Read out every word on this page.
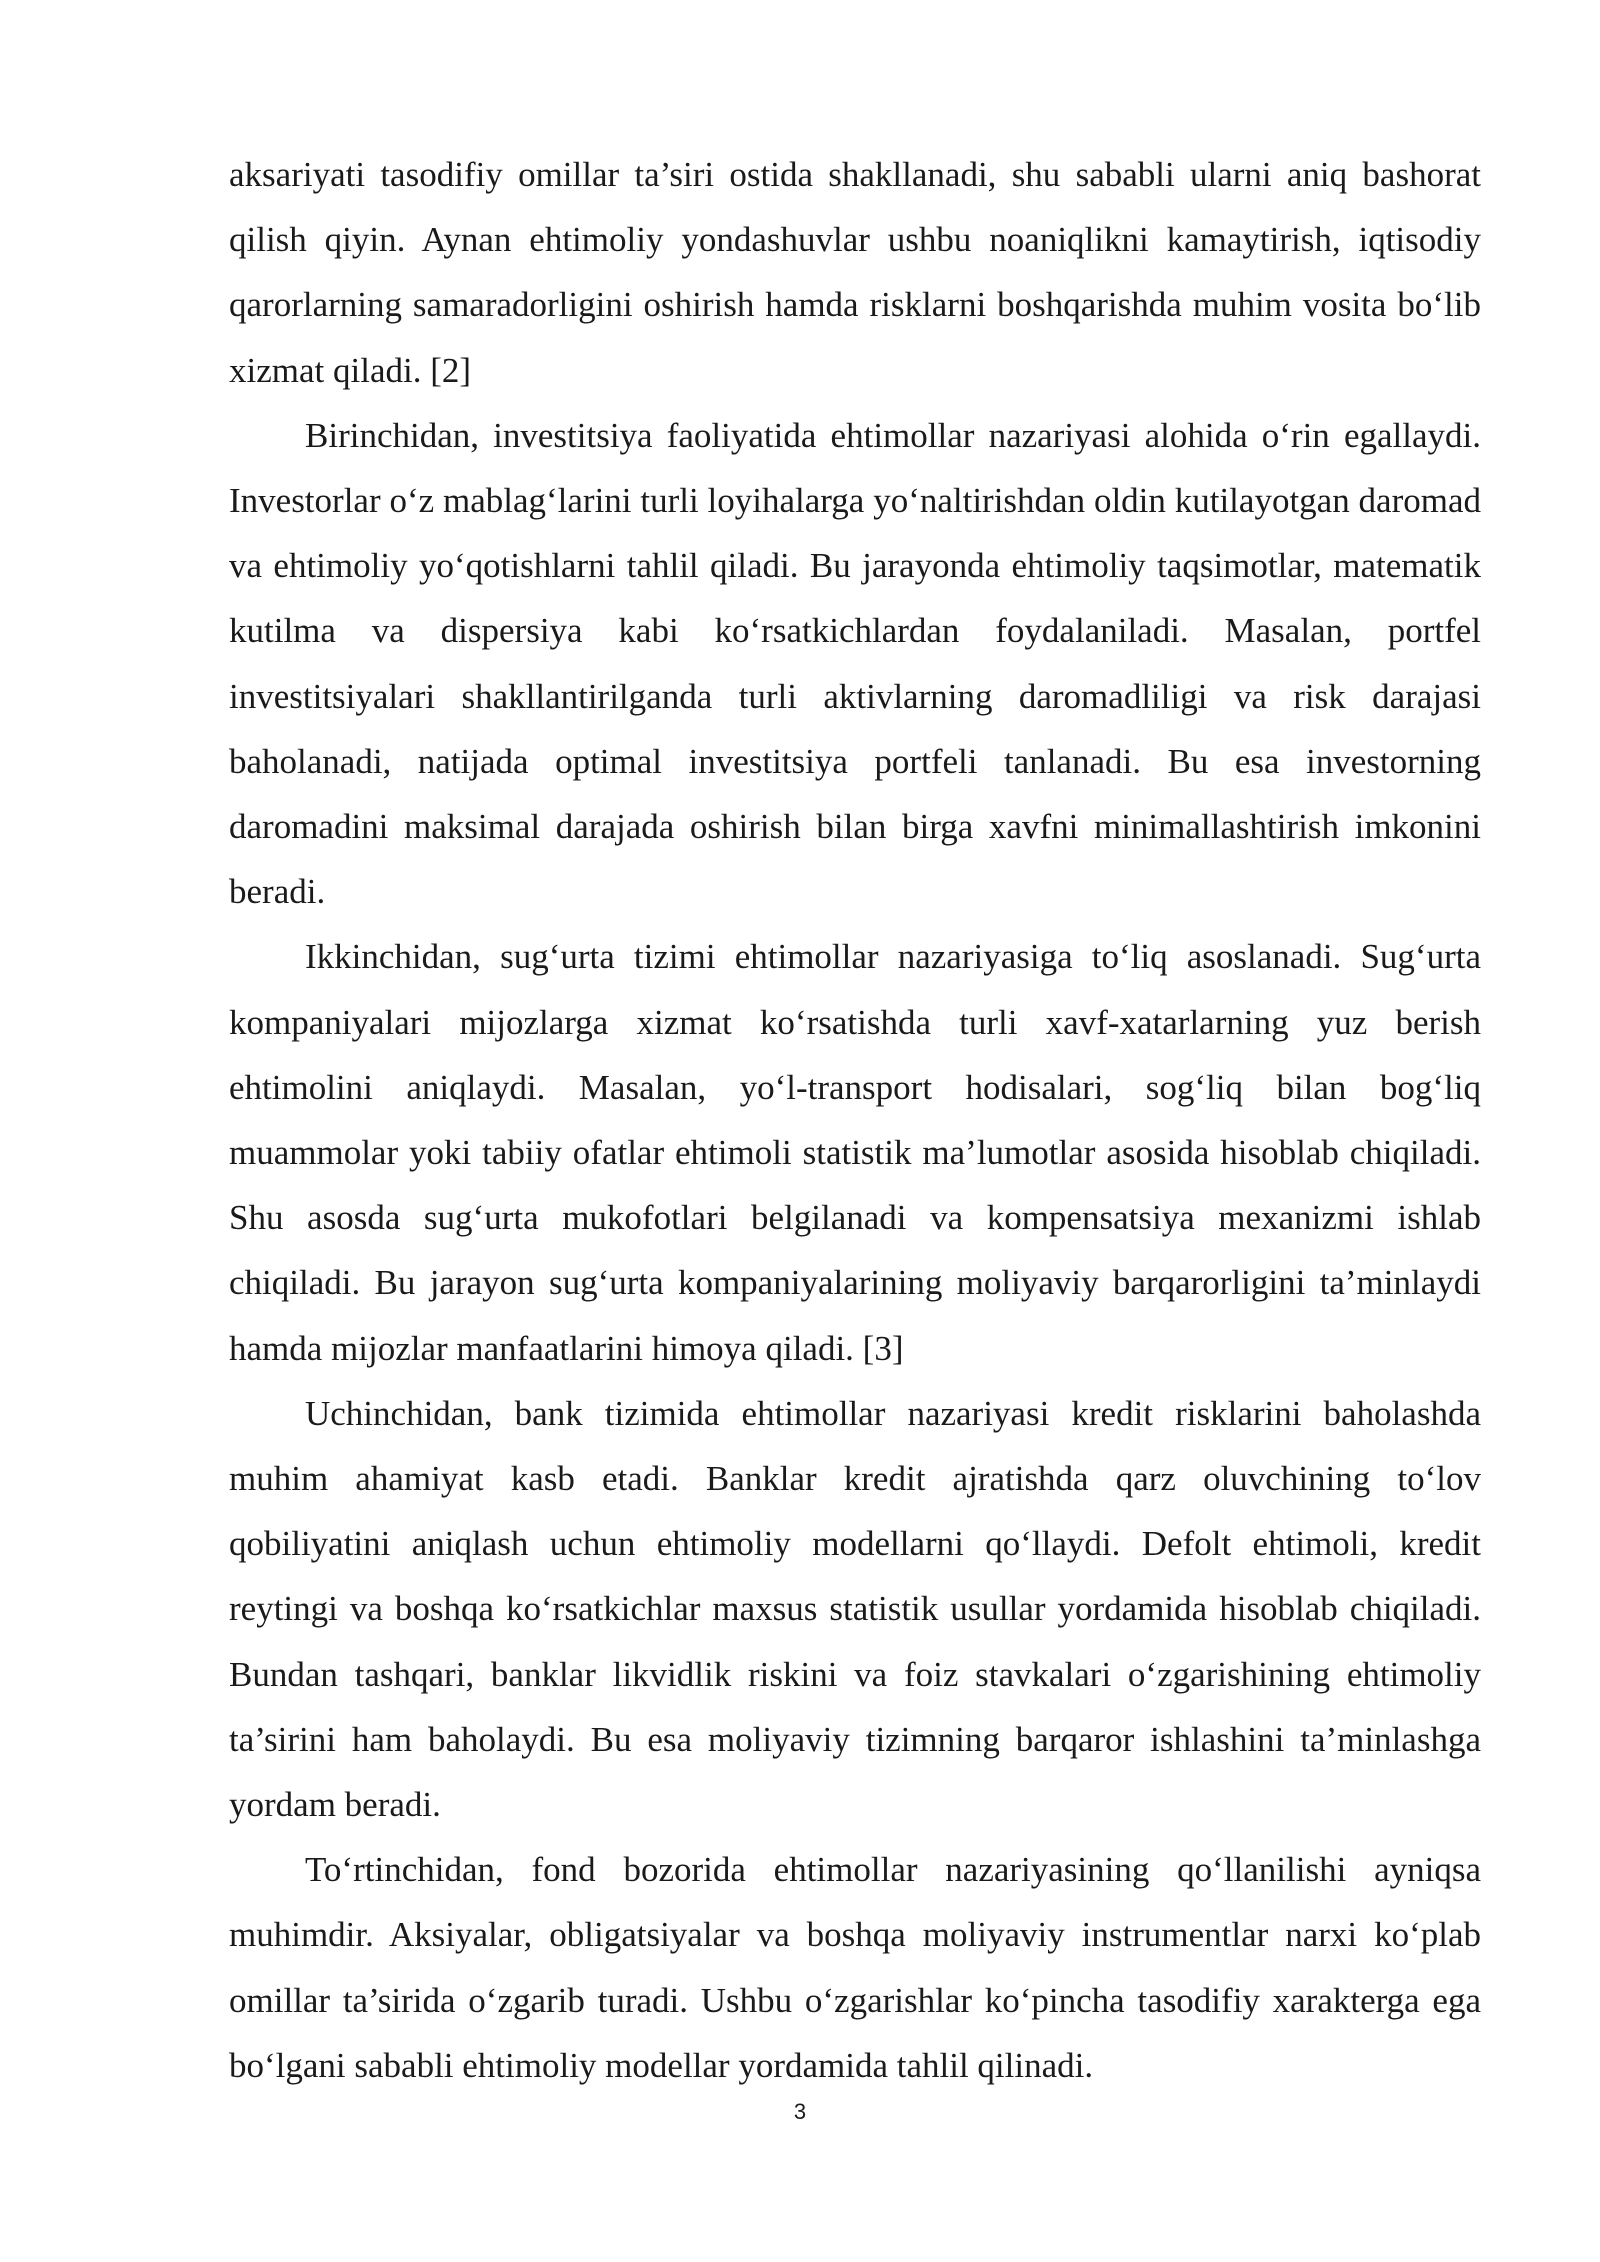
aksariyati tasodifiy omillar ta’siri ostida shakllanadi, shu sababli ularni aniq bashorat qilish qiyin. Aynan ehtimoliy yondashuvlar ushbu noaniqlikni kamaytirish, iqtisodiy qarorlarning samaradorligini oshirish hamda risklarni boshqarishda muhim vosita bo‘lib xizmat qiladi. [2]

Birinchidan, investitsiya faoliyatida ehtimollar nazariyasi alohida o‘rin egallaydi. Investorlar o‘z mablag‘larini turli loyihalarga yo‘naltirishdan oldin kutilayotgan daromad va ehtimoliy yo‘qotishlarni tahlil qiladi. Bu jarayonda ehtimoliy taqsimotlar, matematik kutilma va dispersiya kabi ko‘rsatkichlardan foydalaniladi. Masalan, portfel investitsiyalari shakllantirilganda turli aktivlarning daromadliligi va risk darajasi baholanadi, natijada optimal investitsiya portfeli tanlanadi. Bu esa investorning daromadini maksimal darajada oshirish bilan birga xavfni minimallashtirish imkonini beradi.

Ikkinchidan, sug‘urta tizimi ehtimollar nazariyasiga to‘liq asoslanadi. Sug‘urta kompaniyalari mijozlarga xizmat ko‘rsatishda turli xavf-xatarlarning yuz berish ehtimolini aniqlaydi. Masalan, yo‘l-transport hodisalari, sog‘liq bilan bog‘liq muammolar yoki tabiiy ofatlar ehtimoli statistik ma’lumotlar asosida hisoblab chiqiladi. Shu asosda sug‘urta mukofotlari belgilanadi va kompensatsiya mexanizmi ishlab chiqiladi. Bu jarayon sug‘urta kompaniyalarining moliyaviy barqarorligini ta’minlaydi hamda mijozlar manfaatlarini himoya qiladi. [3]

Uchinchidan, bank tizimida ehtimollar nazariyasi kredit risklarini baholashda muhim ahamiyat kasb etadi. Banklar kredit ajratishda qarz oluvchining to‘lov qobiliyatini aniqlash uchun ehtimoliy modellarni qo‘llaydi. Defolt ehtimoli, kredit reytingi va boshqa ko‘rsatkichlar maxsus statistik usullar yordamida hisoblab chiqiladi. Bundan tashqari, banklar likvidlik riskini va foiz stavkalari o‘zgarishining ehtimoliy ta’sirini ham baholaydi. Bu esa moliyaviy tizimning barqaror ishlashini ta’minlashga yordam beradi.

To‘rtinchidan, fond bozorida ehtimollar nazariyasining qo‘llanilishi ayniqsa muhimdir. Aksiyalar, obligatsiyalar va boshqa moliyaviy instrumentlar narxi ko‘plab omillar ta’sirida o‘zgarib turadi. Ushbu o‘zgarishlar ko‘pincha tasodifiy xarakterga ega bo‘lgani sababli ehtimoliy modellar yordamida tahlil qilinadi.

3
